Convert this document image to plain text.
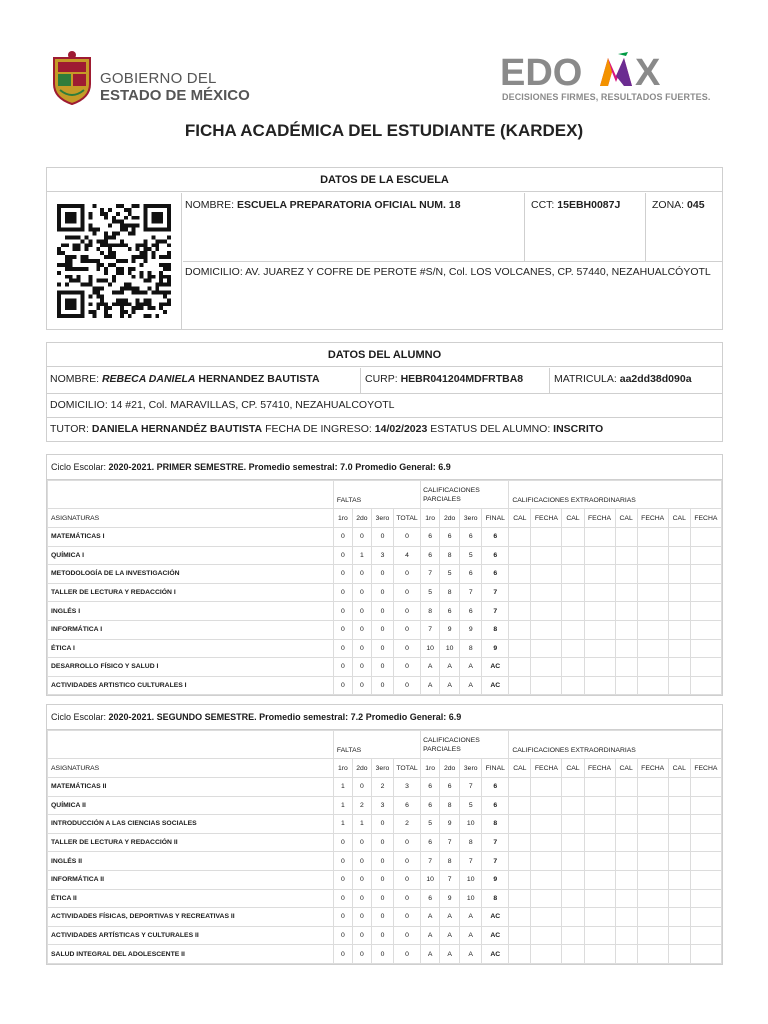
GOBIERNO DEL
ESTADO DE MÉXICO
EDO X
DECISIONES FIRMES, RESULTADOS FUERTES.
FICHA ACADÉMICA DEL ESTUDIANTE (KARDEX)
DATOS DE LA ESCUELA
NOMBRE: ESCUELA PREPARATORIA OFICIAL NUM. 18	CCT: 15EBH0087J	ZONA: 045
DOMICILIO: AV. JUAREZ Y COFRE DE PEROTE #S/N, Col. LOS VOLCANES, CP. 57440, NEZAHUALCÓYOTL
DATOS DEL ALUMNO
NOMBRE: REBECA DANIELA HERNANDEZ BAUTISTA	CURP: HEBR041204MDFRTBA8	MATRICULA: aa2dd38d090a
DOMICILIO: 14 #21, Col. MARAVILLAS, CP. 57410, NEZAHUALCOYOTL
TUTOR: DANIELA HERNANDÉZ BAUTISTA FECHA DE INGRESO: 14/02/2023 ESTATUS DEL ALUMNO: INSCRITO
Ciclo Escolar: 2020-2021. PRIMER SEMESTRE. Promedio semestral: 7.0 Promedio General: 6.9
	FALTAS				CALIFICACIONES PARCIALES				CALIFICACIONES EXTRAORDINARIAS							
ASIGNATURAS	1ro	2do	3ero	TOTAL	1ro	2do	3ero	FINAL	CAL	FECHA	CAL	FECHA	CAL	FECHA	CAL	FECHA
MATEMÁTICAS I	0	0	0	0	6	6	6	6								
QUÍMICA I	0	1	3	4	6	8	5	6								
METODOLOGÍA DE LA INVESTIGACIÓN	0	0	0	0	7	5	6	6								
TALLER DE LECTURA Y REDACCIÓN I	0	0	0	0	5	8	7	7								
INGLÉS I	0	0	0	0	8	6	6	7								
INFORMÁTICA I	0	0	0	0	7	9	9	8								
ÉTICA I	0	0	0	0	10	10	8	9								
DESARROLLO FÍSICO Y SALUD I	0	0	0	0	A	A	A	AC								
ACTIVIDADES ARTISTICO CULTURALES I	0	0	0	0	A	A	A	AC								
Ciclo Escolar: 2020-2021. SEGUNDO SEMESTRE. Promedio semestral: 7.2 Promedio General: 6.9
	FALTAS				CALIFICACIONES PARCIALES				CALIFICACIONES EXTRAORDINARIAS							
ASIGNATURAS	1ro	2do	3ero	TOTAL	1ro	2do	3ero	FINAL	CAL	FECHA	CAL	FECHA	CAL	FECHA	CAL	FECHA
MATEMÁTICAS II	1	0	2	3	6	6	7	6								
QUÍMICA II	1	2	3	6	6	8	5	6								
INTRODUCCIÓN A LAS CIENCIAS SOCIALES	1	1	0	2	5	9	10	8								
TALLER DE LECTURA Y REDACCIÓN II	0	0	0	0	6	7	8	7								
INGLÉS II	0	0	0	0	7	8	7	7								
INFORMÁTICA II	0	0	0	0	10	7	10	9								
ÉTICA II	0	0	0	0	6	9	10	8								
ACTIVIDADES FÍSICAS, DEPORTIVAS Y RECREATIVAS II	0	0	0	0	A	A	A	AC								
ACTIVIDADES ARTÍSTICAS Y CULTURALES II	0	0	0	0	A	A	A	AC								
SALUD INTEGRAL DEL ADOLESCENTE II	0	0	0	0	A	A	A	AC								
